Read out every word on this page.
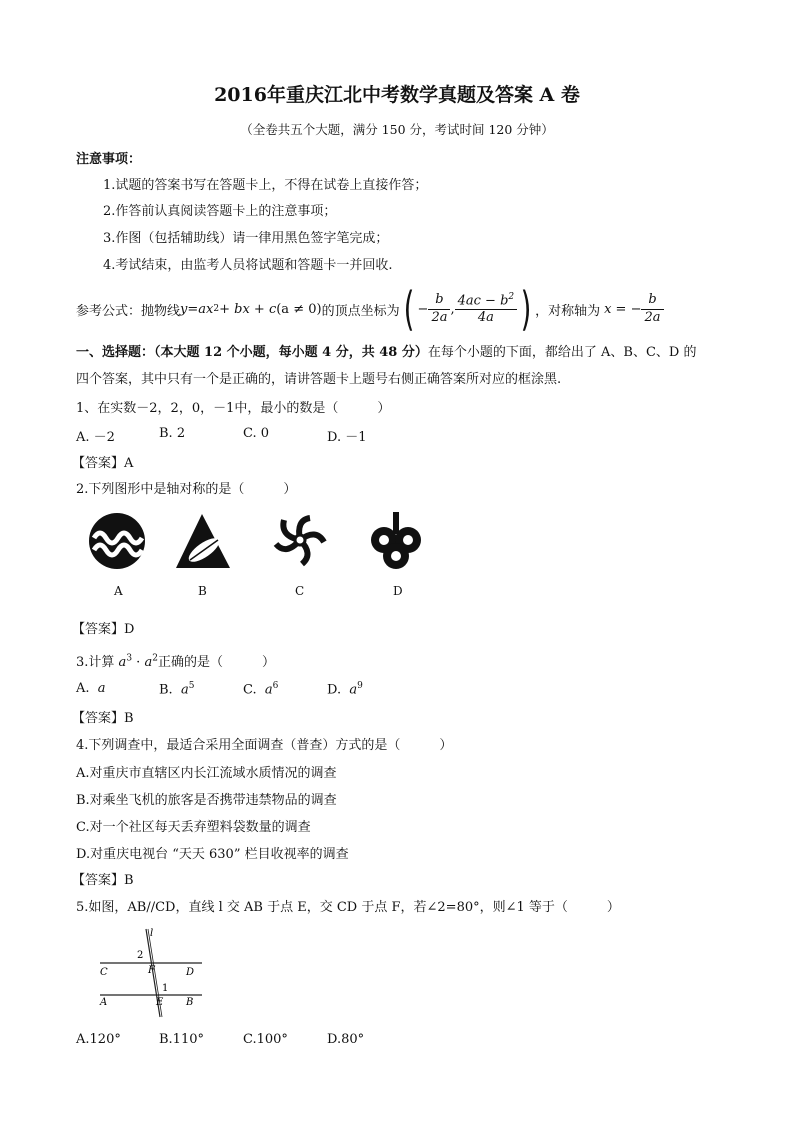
2016年重庆江北中考数学真题及答案 A 卷
（全卷共五个大题，满分 150 分，考试时间 120 分钟）
注意事项：
1.试题的答案书写在答题卡上，不得在试卷上直接作答；
2.作答前认真阅读答题卡上的注意事项；
3.作图（包括辅助线）请一律用黑色签字笔完成；
4.考试结束，由监考人员将试题和答题卡一并回收.
参考公式：抛物线 y = ax 2 + bx + c (a ≠ 0) 的顶点坐标为 ( − $\frac{b}{2a}$ , $\frac{4ac - b^2}{4a}$ ) ，对称轴为 x = − $\frac{b}{2a}$
一、选择题：（本大题 12 个小题，每小题 4 分，共 48 分）在每个小题的下面，都给出了 A、B、C、D 的
四个答案，其中只有一个是正确的，请讲答题卡上题号右侧正确答案所对应的框涂黑.
1、在实数－2，2，0，－1中，最小的数是（　　　）
A. －2	B. 2	C. 0	D. －1
【答案】A
2.下列图形中是轴对称的是（　　　）
A	B	C	D
【答案】D
3.计算 $a^3 \cdot a^2$正确的是（　　　）
A. a	B. $a^5$	C. $a^6$	D. $a^9$
【答案】B
4.下列调查中，最适合采用全面调查（普查）方式的是（　　　）
A.对重庆市直辖区内长江流域水质情况的调查
B.对乘坐飞机的旅客是否携带违禁物品的调查
C.对一个社区每天丢弃塑料袋数量的调查
D.对重庆电视台 “天天 630” 栏目收视率的调查
【答案】B
5.如图，AB//CD，直线 l 交 AB 于点 E，交 CD 于点 F，若∠2=80°，则∠1 等于（　　　）
l
2
1
C	D
F
A	B
E
A.120°	B.110°	C.100°	D.80°
